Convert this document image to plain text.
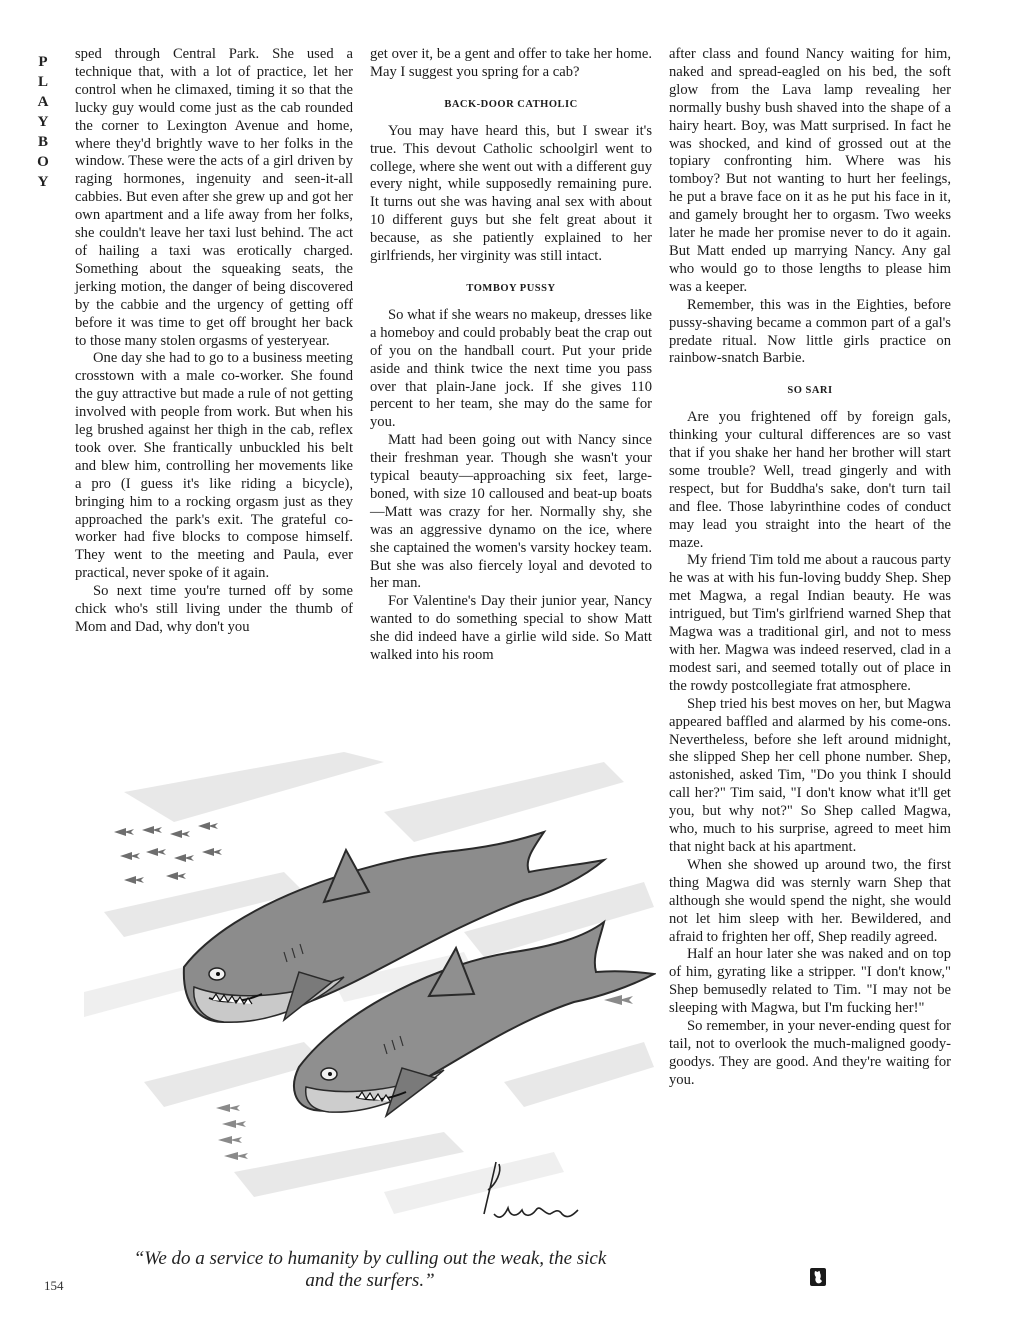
P
L
A
Y
B
O
Y

sped through Central Park. She used a technique that, with a lot of practice, let her control when he climaxed, timing it so that the lucky guy would come just as the cab rounded the corner to Lexington Avenue and home, where they'd brightly wave to her folks in the window. These were the acts of a girl driven by raging hormones, ingenuity and seen-it-all cabbies. But even after she grew up and got her own apartment and a life away from her folks, she couldn't leave her taxi lust behind. The act of hailing a taxi was erotically charged. Something about the squeaking seats, the jerking motion, the danger of being discovered by the cabbie and the urgency of getting off before it was time to get off brought her back to those many stolen orgasms of yesteryear.

One day she had to go to a business meeting crosstown with a male co-worker. She found the guy attractive but made a rule of not getting involved with people from work. But when his leg brushed against her thigh in the cab, reflex took over. She frantically unbuckled his belt and blew him, controlling her movements like a pro (I guess it's like riding a bicycle), bringing him to a rocking orgasm just as they approached the park's exit. The grateful co-worker had five blocks to compose himself. They went to the meeting and Paula, ever practical, never spoke of it again.

So next time you're turned off by some chick who's still living under the thumb of Mom and Dad, why don't you

get over it, be a gent and offer to take her home. May I suggest you spring for a cab?

BACK-DOOR CATHOLIC

You may have heard this, but I swear it's true. This devout Catholic schoolgirl went to college, where she went out with a different guy every night, while supposedly remaining pure. It turns out she was having anal sex with about 10 different guys but she felt great about it because, as she patiently explained to her girlfriends, her virginity was still intact.

TOMBOY PUSSY

So what if she wears no makeup, dresses like a homeboy and could probably beat the crap out of you on the handball court. Put your pride aside and think twice the next time you pass over that plain-Jane jock. If she gives 110 percent to her team, she may do the same for you.

Matt had been going out with Nancy since their freshman year. Though she wasn't your typical beauty—approaching six feet, large-boned, with size 10 calloused and beat-up boats—Matt was crazy for her. Normally shy, she was an aggressive dynamo on the ice, where she captained the women's varsity hockey team. But she was also fiercely loyal and devoted to her man.

For Valentine's Day their junior year, Nancy wanted to do something special to show Matt she did indeed have a girlie wild side. So Matt walked into his room

after class and found Nancy waiting for him, naked and spread-eagled on his bed, the soft glow from the Lava lamp revealing her normally bushy bush shaved into the shape of a hairy heart. Boy, was Matt surprised. In fact he was shocked, and kind of grossed out at the topiary confronting him. Where was his tomboy? But not wanting to hurt her feelings, he put a brave face on it as he put his face in it, and gamely brought her to orgasm. Two weeks later he made her promise never to do it again. But Matt ended up marrying Nancy. Any gal who would go to those lengths to please him was a keeper.

Remember, this was in the Eighties, before pussy-shaving became a common part of a gal's predate ritual. Now little girls practice on rainbow-snatch Barbie.

SO SARI

Are you frightened off by foreign gals, thinking your cultural differences are so vast that if you shake her hand her brother will start some trouble? Well, tread gingerly and with respect, but for Buddha's sake, don't turn tail and flee. Those labyrinthine codes of conduct may lead you straight into the heart of the maze.

My friend Tim told me about a raucous party he was at with his fun-loving buddy Shep. Shep met Magwa, a regal Indian beauty. He was intrigued, but Tim's girlfriend warned Shep that Magwa was a traditional girl, and not to mess with her. Magwa was indeed reserved, clad in a modest sari, and seemed totally out of place in the rowdy postcollegiate frat atmosphere.

Shep tried his best moves on her, but Magwa appeared baffled and alarmed by his come-ons. Nevertheless, before she left around midnight, she slipped Shep her cell phone number. Shep, astonished, asked Tim, "Do you think I should call her?" Tim said, "I don't know what it'll get you, but why not?" So Shep called Magwa, who, much to his surprise, agreed to meet him that night back at his apartment.

When she showed up around two, the first thing Magwa did was sternly warn Shep that although she would spend the night, she would not let him sleep with her. Bewildered, and afraid to frighten her off, Shep readily agreed.

Half an hour later she was naked and on top of him, gyrating like a stripper. "I don't know," Shep bemusedly related to Tim. "I may not be sleeping with Magwa, but I'm fucking her!"

So remember, in your never-ending quest for tail, not to overlook the much-maligned goody-goodys. They are good. And they're waiting for you.

“We do a service to humanity by culling out the weak, the sick and the surfers.”
154
